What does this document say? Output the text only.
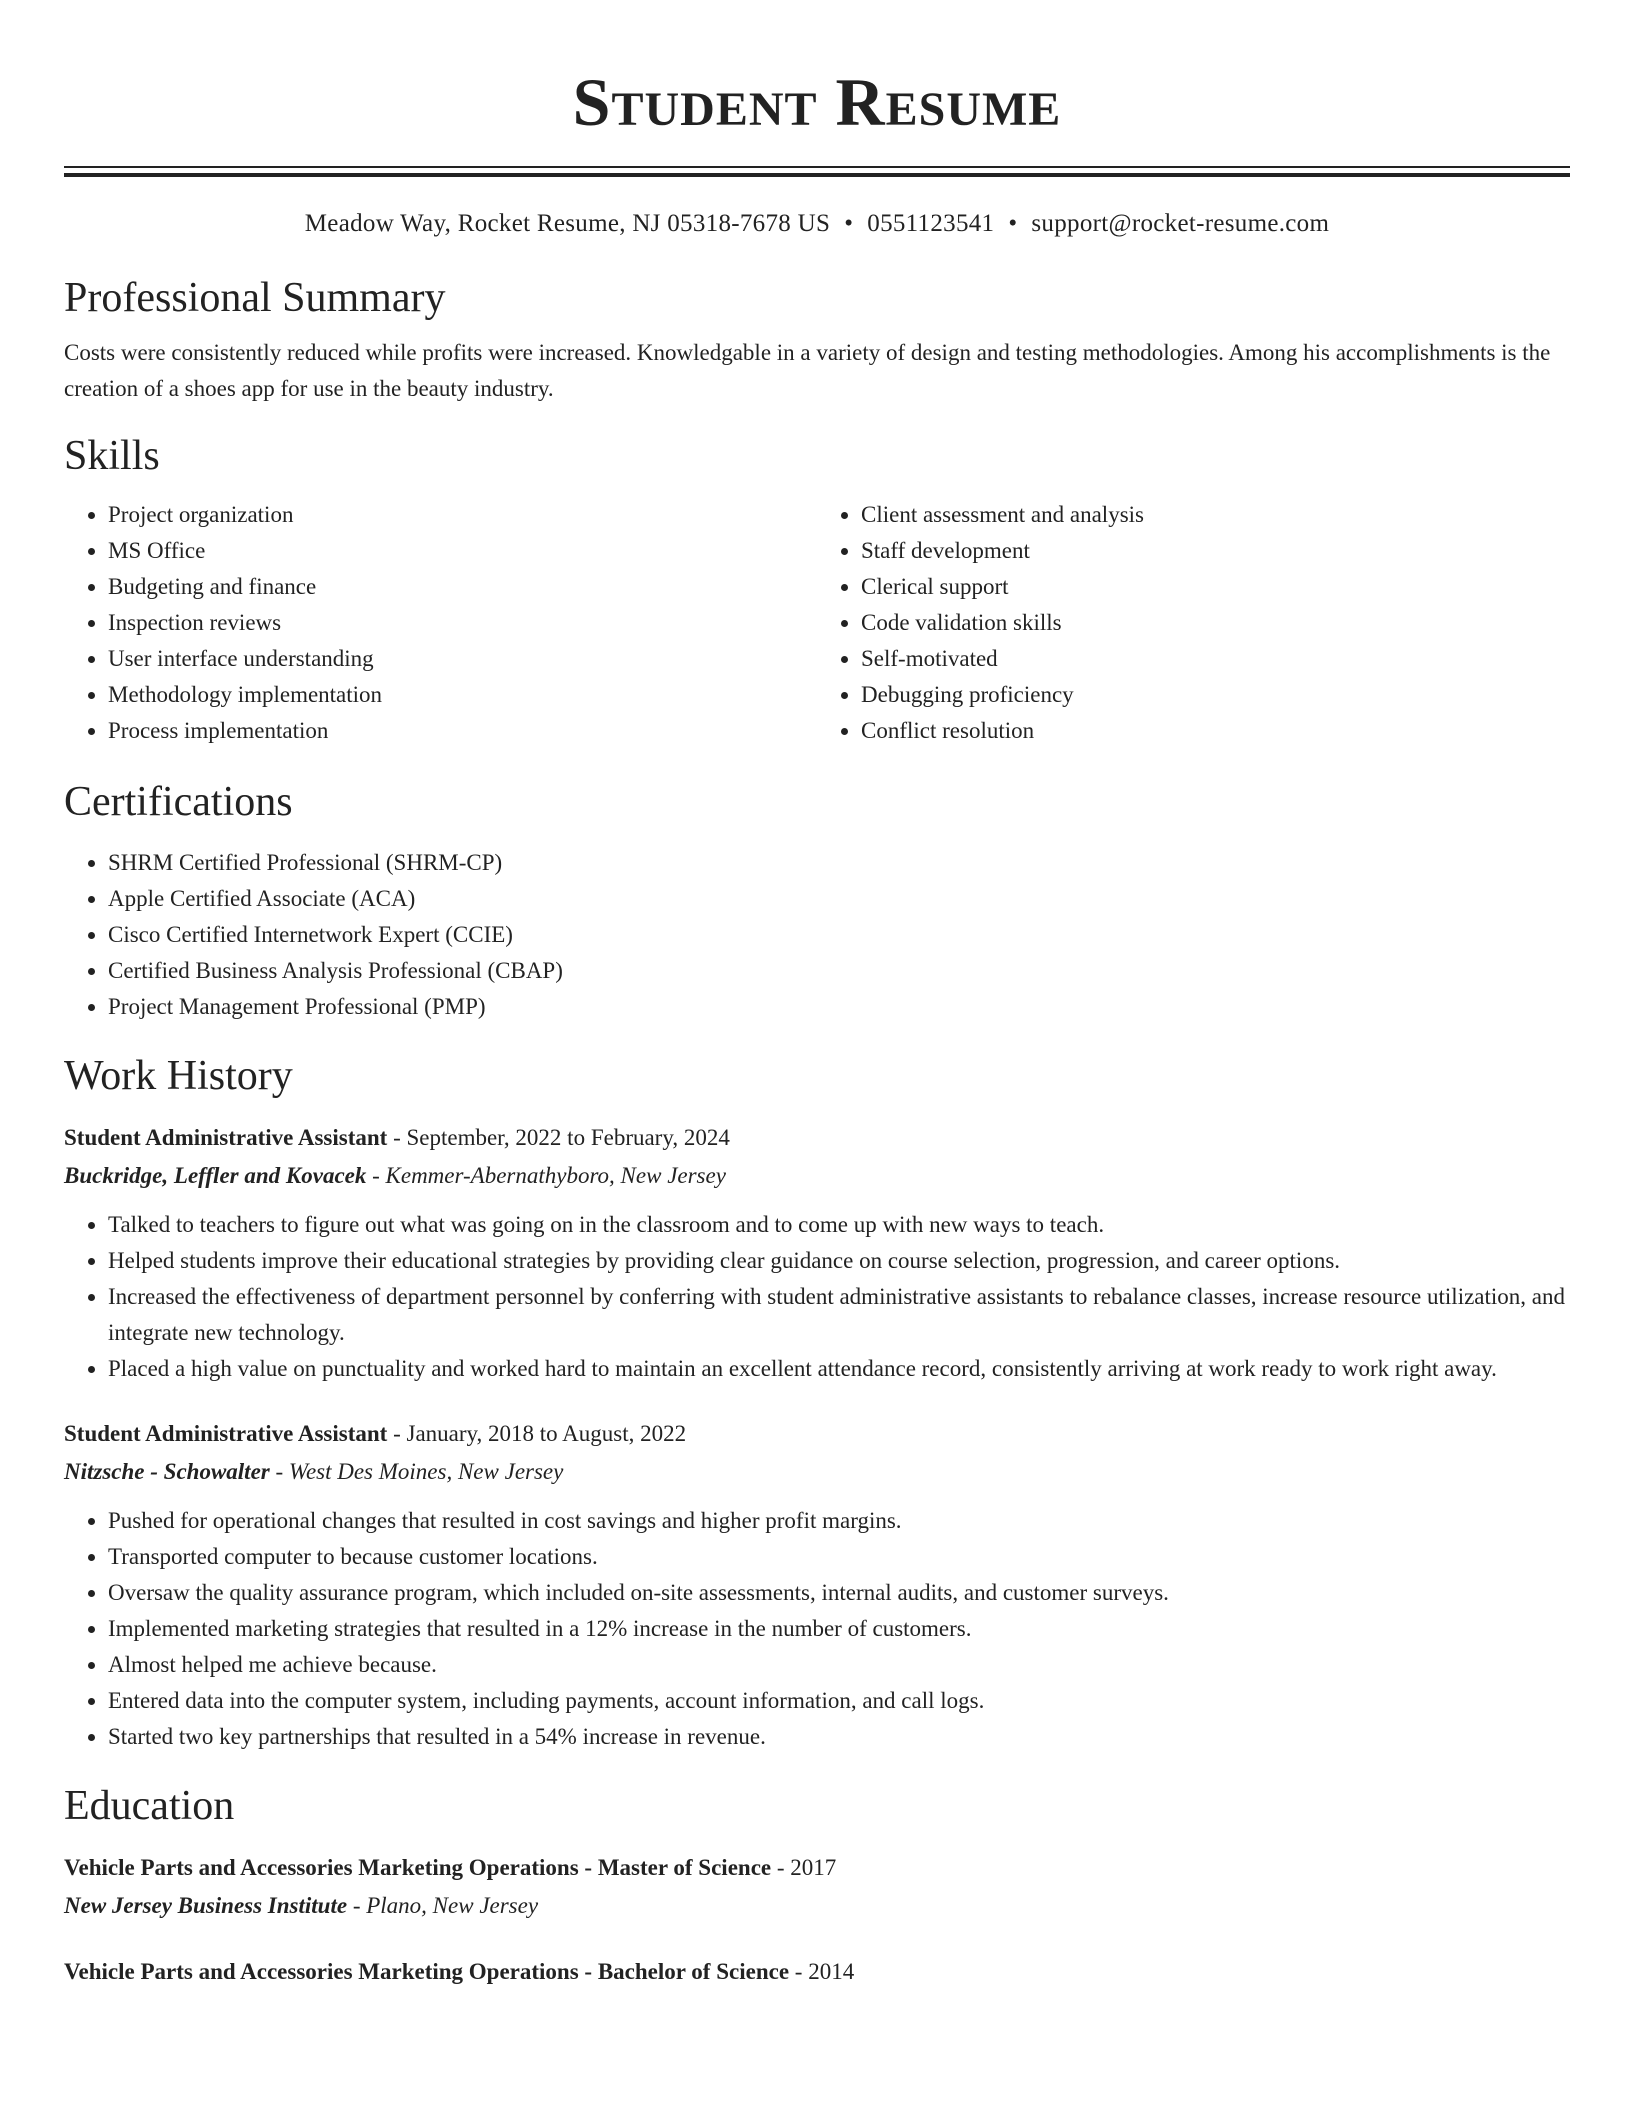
Student Resume
Meadow Way, Rocket Resume, NJ 05318-7678 US • 0551123541 • support@rocket-resume.com
Professional Summary
Costs were consistently reduced while profits were increased. Knowledgable in a variety of design and testing methodologies. Among his accomplishments is the creation of a shoes app for use in the beauty industry.
Skills
• Project organization
• MS Office
• Budgeting and finance
• Inspection reviews
• User interface understanding
• Methodology implementation
• Process implementation
• Client assessment and analysis
• Staff development
• Clerical support
• Code validation skills
• Self-motivated
• Debugging proficiency
• Conflict resolution
Certifications
• SHRM Certified Professional (SHRM-CP)
• Apple Certified Associate (ACA)
• Cisco Certified Internetwork Expert (CCIE)
• Certified Business Analysis Professional (CBAP)
• Project Management Professional (PMP)
Work History
Student Administrative Assistant - September, 2022 to February, 2024
Buckridge, Leffler and Kovacek - Kemmer-Abernathyboro, New Jersey
• Talked to teachers to figure out what was going on in the classroom and to come up with new ways to teach.
• Helped students improve their educational strategies by providing clear guidance on course selection, progression, and career options.
• Increased the effectiveness of department personnel by conferring with student administrative assistants to rebalance classes, increase resource utilization, and integrate new technology.
• Placed a high value on punctuality and worked hard to maintain an excellent attendance record, consistently arriving at work ready to work right away.
Student Administrative Assistant - January, 2018 to August, 2022
Nitzsche - Schowalter - West Des Moines, New Jersey
• Pushed for operational changes that resulted in cost savings and higher profit margins.
• Transported computer to because customer locations.
• Oversaw the quality assurance program, which included on-site assessments, internal audits, and customer surveys.
• Implemented marketing strategies that resulted in a 12% increase in the number of customers.
• Almost helped me achieve because.
• Entered data into the computer system, including payments, account information, and call logs.
• Started two key partnerships that resulted in a 54% increase in revenue.
Education
Vehicle Parts and Accessories Marketing Operations - Master of Science - 2017
New Jersey Business Institute - Plano, New Jersey
Vehicle Parts and Accessories Marketing Operations - Bachelor of Science - 2014
